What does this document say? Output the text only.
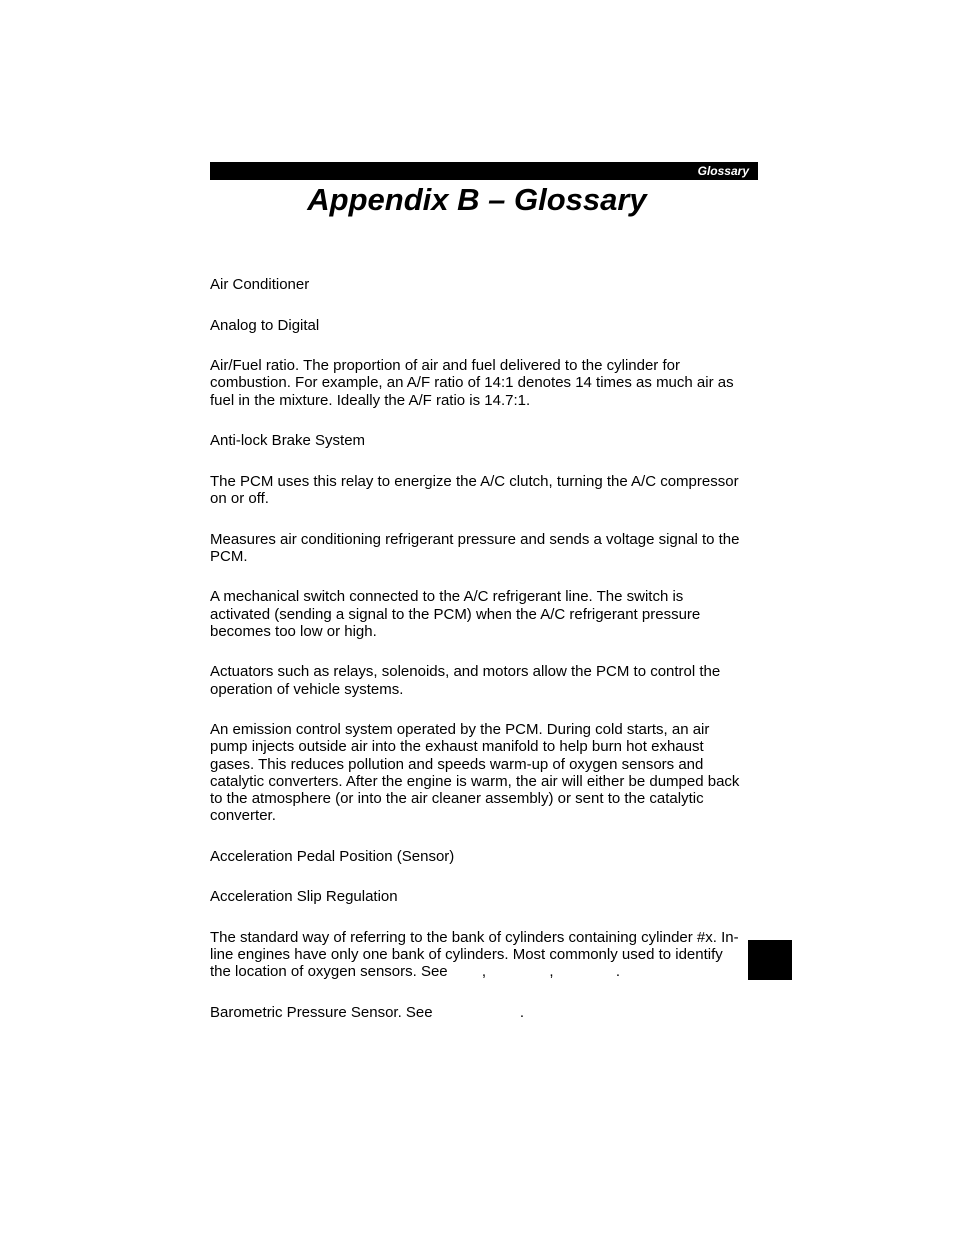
Glossary
Appendix B – Glossary

Air Conditioner

Analog to Digital

Air/Fuel ratio. The proportion of air and fuel delivered to the cylinder for combustion. For example, an A/F ratio of 14:1 denotes 14 times as much air as fuel in the mixture. Ideally the A/F ratio is 14.7:1.

Anti-lock Brake System

The PCM uses this relay to energize the A/C clutch, turning the A/C compressor on or off.

Measures air conditioning refrigerant pressure and sends a voltage signal to the PCM.

A mechanical switch connected to the A/C refrigerant line. The switch is activated (sending a signal to the PCM) when the A/C refrigerant pressure becomes too low or high.

Actuators such as relays, solenoids, and motors allow the PCM to control the operation of vehicle systems.

An emission control system operated by the PCM. During cold starts, an air pump injects outside air into the exhaust manifold to help burn hot exhaust gases. This reduces pollution and speeds warm-up of oxygen sensors and catalytic converters. After the engine is warm, the air will either be dumped back to the atmosphere (or into the air cleaner assembly) or sent to the catalytic converter.

Acceleration Pedal Position (Sensor)

Acceleration Slip Regulation

The standard way of referring to the bank of cylinders containing cylinder #x. In-line engines have only one bank of cylinders. Most commonly used to identify the location of oxygen sensors. See O2S, Sensor x, Sensor y.

Barometric Pressure Sensor. See MAP Sensor.
